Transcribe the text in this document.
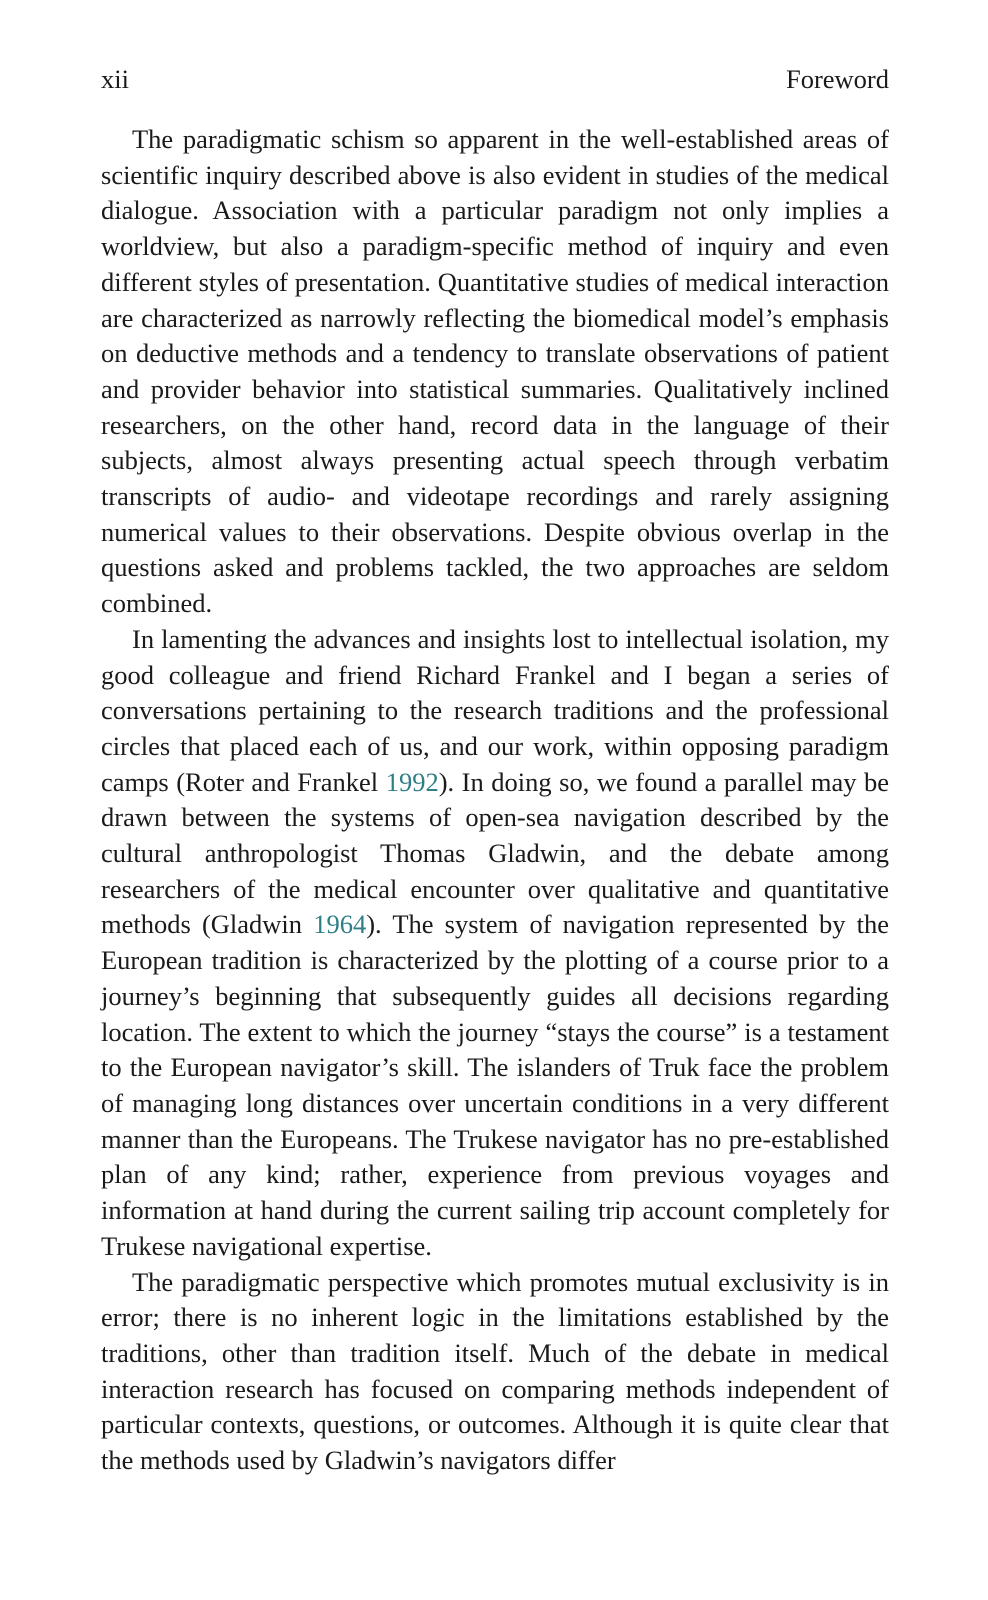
xii	Foreword

The paradigmatic schism so apparent in the well-established areas of scientific inquiry described above is also evident in studies of the medical dialogue. Association with a particular paradigm not only implies a worldview, but also a paradigm-specific method of inquiry and even different styles of presentation. Quantitative studies of medical interaction are characterized as narrowly reflecting the biomedical model’s emphasis on deductive methods and a tendency to translate observations of patient and provider behavior into statistical summaries. Qualitatively inclined researchers, on the other hand, record data in the language of their subjects, almost always presenting actual speech through verbatim transcripts of audio- and videotape recordings and rarely assigning numerical values to their observations. Despite obvious overlap in the questions asked and problems tackled, the two approaches are seldom combined.

In lamenting the advances and insights lost to intellectual isolation, my good colleague and friend Richard Frankel and I began a series of conversations pertaining to the research traditions and the professional circles that placed each of us, and our work, within opposing paradigm camps (Roter and Frankel 1992). In doing so, we found a parallel may be drawn between the systems of open-sea navigation described by the cultural anthropologist Thomas Gladwin, and the debate among researchers of the medical encounter over qualitative and quantitative methods (Gladwin 1964). The system of navigation represented by the European tradition is characterized by the plotting of a course prior to a journey’s beginning that subsequently guides all decisions regarding location. The extent to which the journey “stays the course” is a testament to the European navigator’s skill. The islanders of Truk face the problem of managing long distances over uncertain conditions in a very different manner than the Europeans. The Trukese navigator has no pre-established plan of any kind; rather, experience from previous voyages and information at hand during the current sailing trip account completely for Trukese navigational expertise.

The paradigmatic perspective which promotes mutual exclusivity is in error; there is no inherent logic in the limitations established by the traditions, other than tradition itself. Much of the debate in medical interaction research has focused on comparing methods independent of particular contexts, questions, or outcomes. Although it is quite clear that the methods used by Gladwin’s navigators differ
